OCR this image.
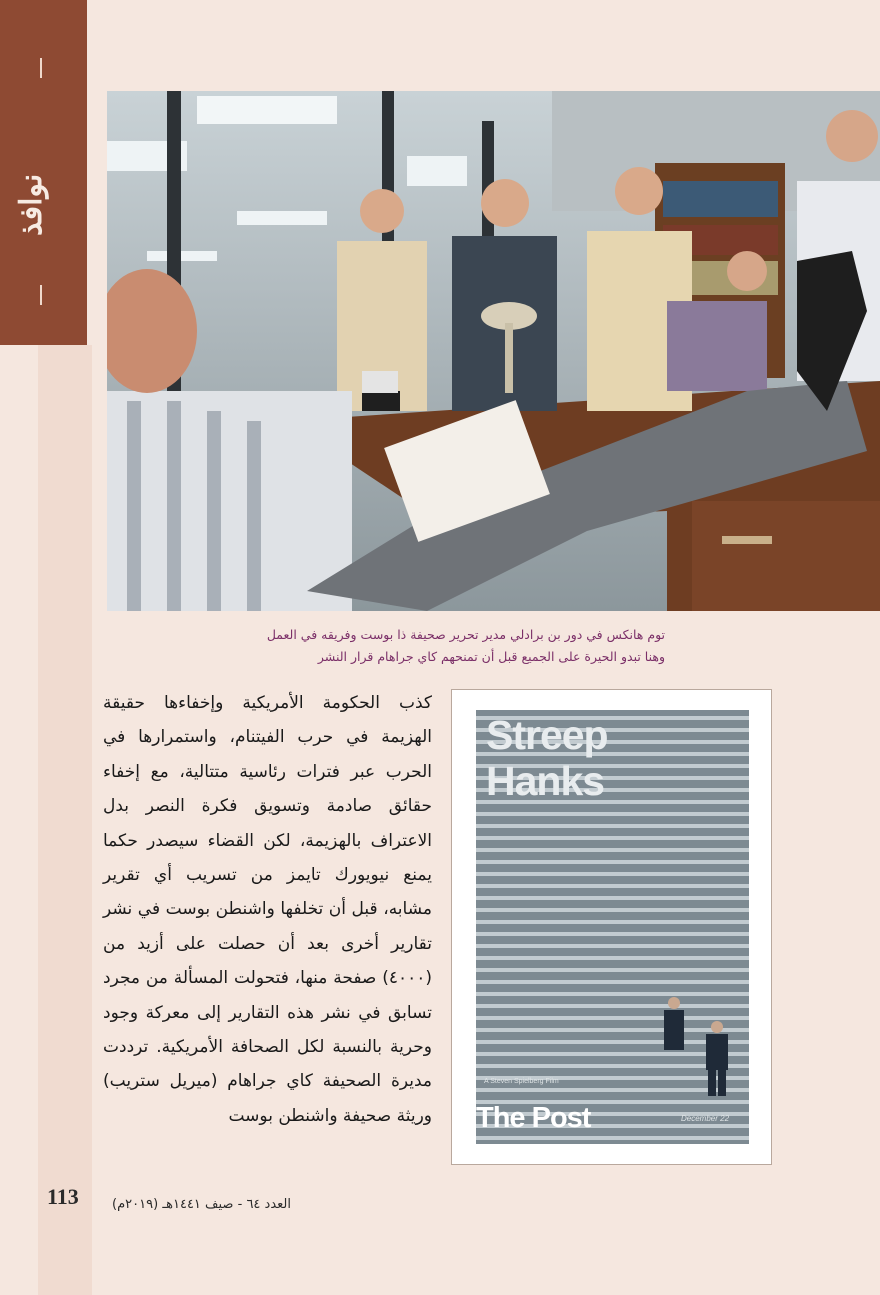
نوافذ
توم هانكس في دور بن برادلي مدير تحرير صحيفة ذا بوست وفريقه في العمل
وهنا تبدو الحيرة على الجميع قبل أن تمنحهم كاي جراهام قرار النشر
Streep
Hanks
A Steven Spielberg Film
The Post	December 22
كذب الحكومة الأمريكية وإخفاءها حقيقة الهزيمة في حرب الفيتنام، واستمرارها في الحرب عبر فترات رئاسية متتالية، مع إخفاء حقائق صادمة وتسويق فكرة النصر بدل الاعتراف بالهزيمة، لكن القضاء سيصدر حكما يمنع نيويورك تايمز من تسريب أي تقرير مشابه، قبل أن تخلفها واشنطن بوست في نشر تقارير أخرى بعد أن حصلت على أزيد من (٤٠٠٠) صفحة منها، فتحولت المسألة من مجرد تسابق في نشر هذه التقارير إلى معركة وجود وحرية بالنسبة لكل الصحافة الأمريكية. ترددت مديرة الصحيفة كاي جراهام (ميريل ستريب) وريثة صحيفة واشنطن بوست
113	العدد ٦٤ - صيف ١٤٤١هـ (٢٠١٩م)
